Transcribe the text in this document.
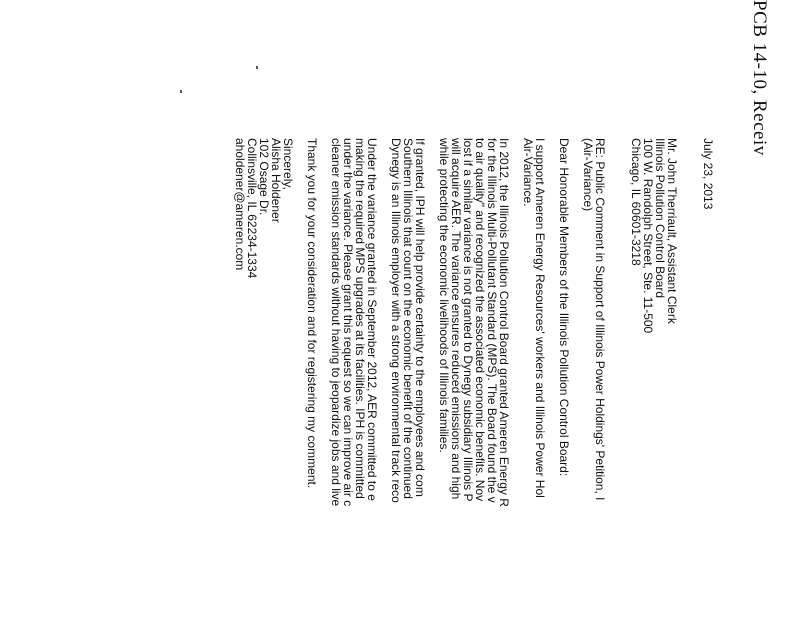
PCB 14-10, Receiv
July 23, 2013
Mr. John Therriault, Assistant Clerk
Illinois Pollution Control Board
100 W. Randolph Street, Ste. 11-500
Chicago, IL 60601-3218
RE: Public Comment in Support of Illinois Power Holdings' Petition, I
(Air-Variance)
Dear Honorable Members of the Illinois Pollution Control Board:
I support Ameren Energy Resources' workers and Illinois Power Hol
Air-Variance.
In 2012, the Illinois Pollution Control Board granted Ameren Energy R
for the Illinois Multi-Pollutant Standard (MPS). The Board found the v
to air quality" and recognized the associated economic benefits. Nov
lost if a similar variance is not granted to Dynegy subsidiary Illinois P
will acquire AER. The variance ensures reduced emissions and high
while protecting the economic livelihoods of Illinois families.
If granted, IPH will help provide certainty to the employees and com
Southern Illinois that count on the economic benefit of the continued
Dynegy is an Illinois employer with a strong environmental track reco
Under the variance granted in September 2012, AER committed to e
making the required MPS upgrades at its facilities. IPH is committed
under the variance. Please grant this request so we can improve air c
cleaner emission standards without having to jeopardize jobs and live
Thank you for your consideration and for registering my comment.
Sincerely,
Alisha Holdener
102 Osage Dr.
Collinsville, IL 62234-1334
aholdener@ameren.com
